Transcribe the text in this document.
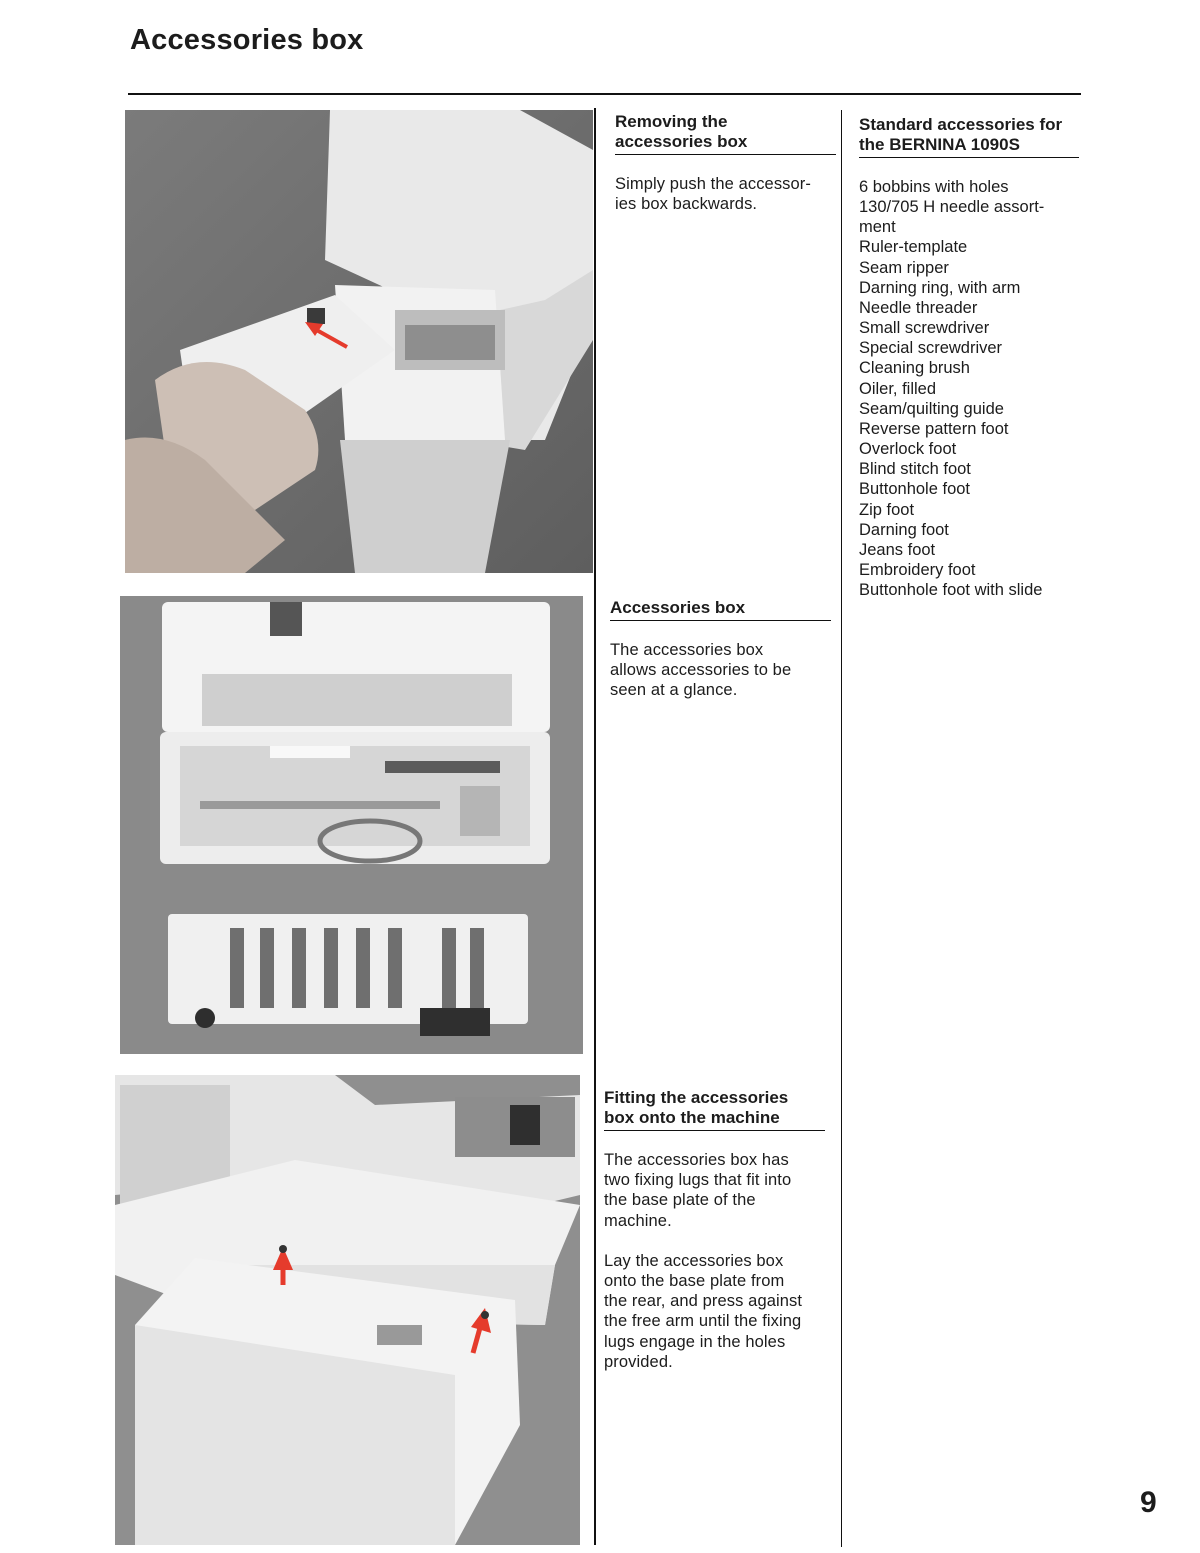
Accessories box
Removing the
accessories box

Simply push the accessor-
ies box backwards.

Accessories box

The accessories box
allows accessories to be
seen at a glance.

Fitting the accessories
box onto the machine

The accessories box has
two fixing lugs that fit into
the base plate of the
machine.

Lay the accessories box
onto the base plate from
the rear, and press against
the free arm until the fixing
lugs engage in the holes
provided.

Standard accessories for
the BERNINA 1090S
6 bobbins with holes
130/705 H needle assort-
ment
Ruler-template
Seam ripper
Darning ring, with arm
Needle threader
Small screwdriver
Special screwdriver
Cleaning brush
Oiler, filled
Seam/quilting guide
Reverse pattern foot
Overlock foot
Blind stitch foot
Buttonhole foot
Zip foot
Darning foot
Jeans foot
Embroidery foot
Buttonhole foot with slide
9
